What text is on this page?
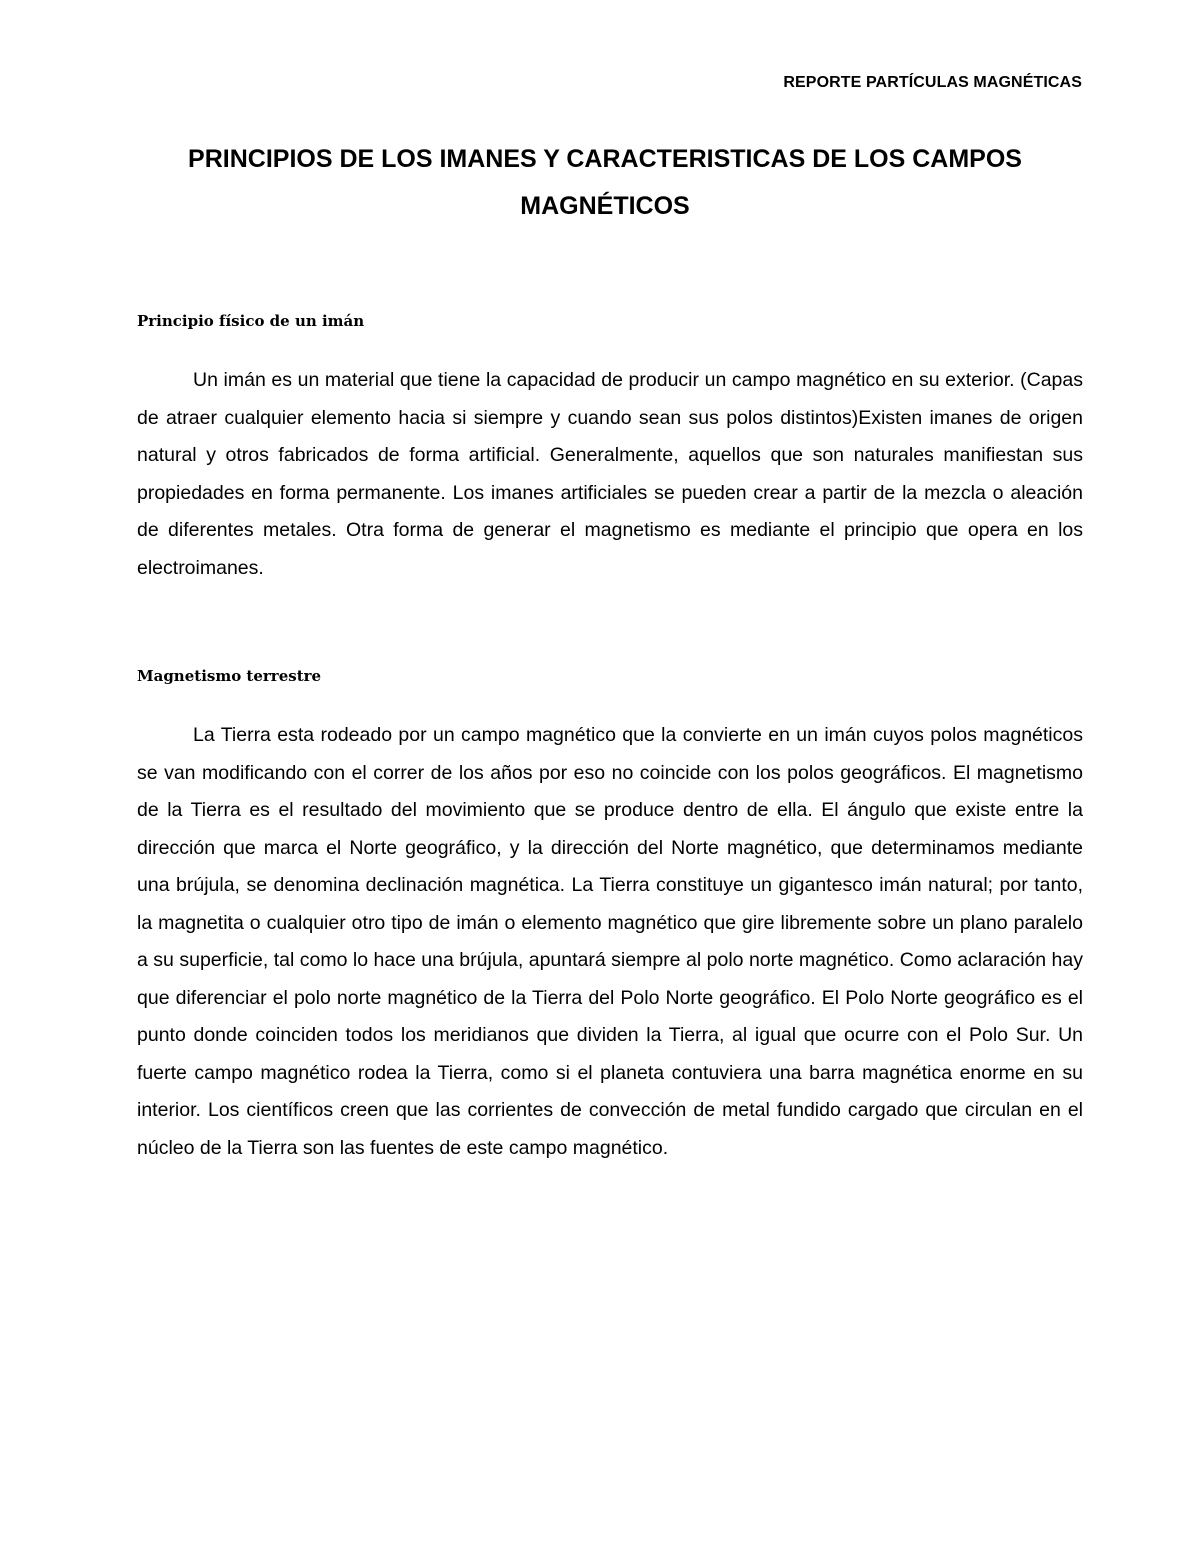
REPORTE PARTÍCULAS MAGNÉTICAS
PRINCIPIOS DE LOS IMANES Y CARACTERISTICAS DE LOS CAMPOS MAGNÉTICOS
Principio físico de un imán

Un imán es un material que tiene la capacidad de producir un campo magnético en su exterior. (Capas de atraer cualquier elemento hacia si siempre y cuando sean sus polos distintos)Existen imanes de origen natural y otros fabricados de forma artificial. Generalmente, aquellos que son naturales manifiestan sus propiedades en forma permanente. Los imanes artificiales se pueden crear a partir de la mezcla o aleación de diferentes metales. Otra forma de generar el magnetismo es mediante el principio que opera en los electroimanes.

Magnetismo terrestre

La Tierra esta rodeado por un campo magnético que la convierte en un imán cuyos polos magnéticos se van modificando con el correr de los años por eso no coincide con los polos geográficos. El magnetismo de la Tierra es el resultado del movimiento que se produce dentro de ella. El ángulo que existe entre la dirección que marca el Norte geográfico, y la dirección del Norte magnético, que determinamos mediante una brújula, se denomina declinación magnética. La Tierra constituye un gigantesco imán natural; por tanto, la magnetita o cualquier otro tipo de imán o elemento magnético que gire libremente sobre un plano paralelo a su superficie, tal como lo hace una brújula, apuntará siempre al polo norte magnético. Como aclaración hay que diferenciar el polo norte magnético de la Tierra del Polo Norte geográfico. El Polo Norte geográfico es el punto donde coinciden todos los meridianos que dividen la Tierra, al igual que ocurre con el Polo Sur. Un fuerte campo magnético rodea la Tierra, como si el planeta contuviera una barra magnética enorme en su interior. Los científicos creen que las corrientes de convección de metal fundido cargado que circulan en el núcleo de la Tierra son las fuentes de este campo magnético.
